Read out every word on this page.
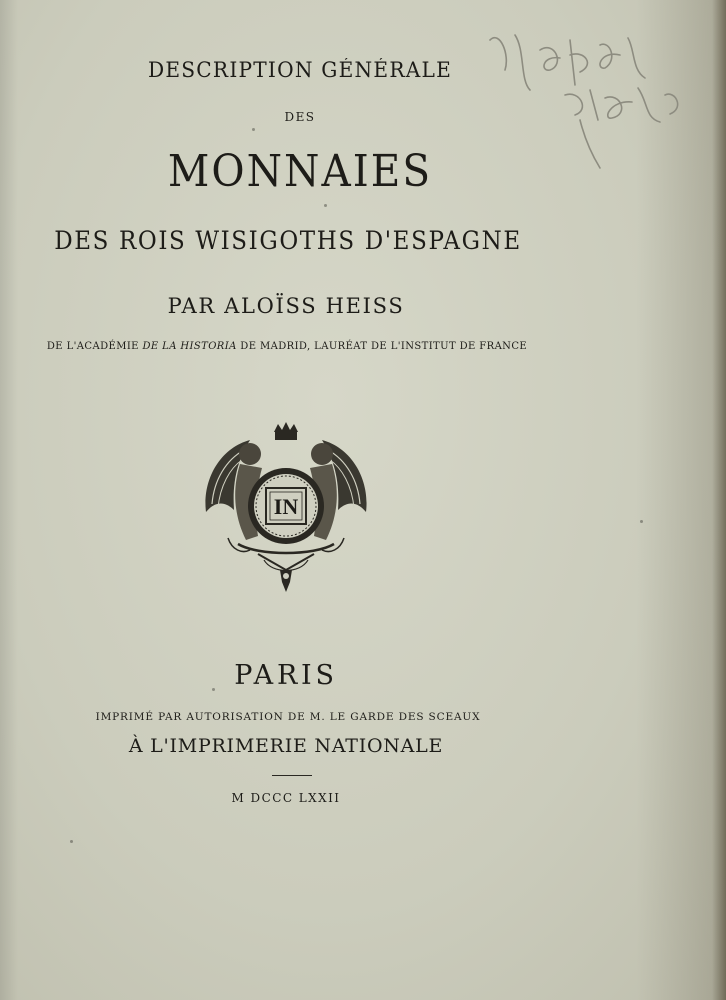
DESCRIPTION GÉNÉRALE
DES
MONNAIES
DES ROIS WISIGOTHS D'ESPAGNE
PAR ALOÏSS HEISS
DE L'ACADÉMIE DE LA HISTORIA DE MADRID, LAURÉAT DE L'INSTITUT DE FRANCE
IN
PARIS
IMPRIMÉ PAR AUTORISATION DE M. LE GARDE DES SCEAUX
À L'IMPRIMERIE NATIONALE
M DCCC LXXII
